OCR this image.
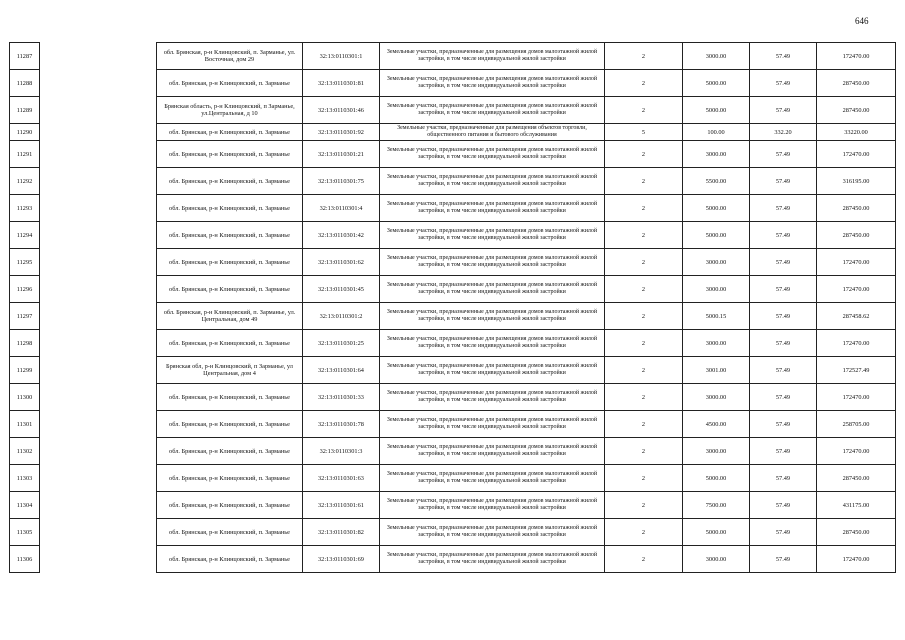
646
11287		обл. Брянская, р-н Клинцовский, п. Зарманье, ул. Восточная, дом 29	32:13:0110301:1	Земельные участки, предназначенные для размещения домов малоэтажной жилой застройки, в том числе индивидуальной жилой застройки	2	3000.00	57.49	172470.00
11288		обл. Брянская, р-н Клинцовский, п. Зарманье	32:13:0110301:81	Земельные участки, предназначенные для размещения домов малоэтажной жилой застройки, в том числе индивидуальной жилой застройки	2	5000.00	57.49	287450.00
11289		Брянская область, р-н Клинцовский, п Зарманье, ул.Центральная, д 10	32:13:0110301:46	Земельные участки, предназначенные для размещения домов малоэтажной жилой застройки, в том числе индивидуальной жилой застройки	2	5000.00	57.49	287450.00
11290		обл. Брянская, р-н Клинцовский, п. Зарманье	32:13:0110301:92	Земельные участки, предназначенные для размещения объектов торговли, общественного питания и бытового обслуживания	5	100.00	332.20	33220.00
11291		обл. Брянская, р-н Клинцовский, п. Зарманье	32:13:0110301:21	Земельные участки, предназначенные для размещения домов малоэтажной жилой застройки, в том числе индивидуальной жилой застройки	2	3000.00	57.49	172470.00
11292		обл. Брянская, р-н Клинцовский, п. Зарманье	32:13:0110301:75	Земельные участки, предназначенные для размещения домов малоэтажной жилой застройки, в том числе индивидуальной жилой застройки	2	5500.00	57.49	316195.00
11293		обл. Брянская, р-н Клинцовский, п. Зарманье	32:13:0110301:4	Земельные участки, предназначенные для размещения домов малоэтажной жилой застройки, в том числе индивидуальной жилой застройки	2	5000.00	57.49	287450.00
11294		обл. Брянская, р-н Клинцовский, п. Зарманье	32:13:0110301:42	Земельные участки, предназначенные для размещения домов малоэтажной жилой застройки, в том числе индивидуальной жилой застройки	2	5000.00	57.49	287450.00
11295		обл. Брянская, р-н Клинцовский, п. Зарманье	32:13:0110301:62	Земельные участки, предназначенные для размещения домов малоэтажной жилой застройки, в том числе индивидуальной жилой застройки	2	3000.00	57.49	172470.00
11296		обл. Брянская, р-н Клинцовский, п. Зарманье	32:13:0110301:45	Земельные участки, предназначенные для размещения домов малоэтажной жилой застройки, в том числе индивидуальной жилой застройки	2	3000.00	57.49	172470.00
11297		обл. Брянская, р-н Клинцовский, п. Зарманье, ул. Центральная, дом 49	32:13:0110301:2	Земельные участки, предназначенные для размещения домов малоэтажной жилой застройки, в том числе индивидуальной жилой застройки	2	5000.15	57.49	287458.62
11298		обл. Брянская, р-н Клинцовский, п. Зарманье	32:13:0110301:25	Земельные участки, предназначенные для размещения домов малоэтажной жилой застройки, в том числе индивидуальной жилой застройки	2	3000.00	57.49	172470.00
11299		Брянская обл, р-н Клинцовский, п Зарманье, ул Центральная, дом 4	32:13:0110301:64	Земельные участки, предназначенные для размещения домов малоэтажной жилой застройки, в том числе индивидуальной жилой застройки	2	3001.00	57.49	172527.49
11300		обл. Брянская, р-н Клинцовский, п. Зарманье	32:13:0110301:33	Земельные участки, предназначенные для размещения домов малоэтажной жилой застройки, в том числе индивидуальной жилой застройки	2	3000.00	57.49	172470.00
11301		обл. Брянская, р-н Клинцовский, п. Зарманье	32:13:0110301:78	Земельные участки, предназначенные для размещения домов малоэтажной жилой застройки, в том числе индивидуальной жилой застройки	2	4500.00	57.49	258705.00
11302		обл. Брянская, р-н Клинцовский, п. Зарманье	32:13:0110301:3	Земельные участки, предназначенные для размещения домов малоэтажной жилой застройки, в том числе индивидуальной жилой застройки	2	3000.00	57.49	172470.00
11303		обл. Брянская, р-н Клинцовский, п. Зарманье	32:13:0110301:63	Земельные участки, предназначенные для размещения домов малоэтажной жилой застройки, в том числе индивидуальной жилой застройки	2	5000.00	57.49	287450.00
11304		обл. Брянская, р-н Клинцовский, п. Зарманье	32:13:0110301:61	Земельные участки, предназначенные для размещения домов малоэтажной жилой застройки, в том числе индивидуальной жилой застройки	2	7500.00	57.49	431175.00
11305		обл. Брянская, р-н Клинцовский, п. Зарманье	32:13:0110301:82	Земельные участки, предназначенные для размещения домов малоэтажной жилой застройки, в том числе индивидуальной жилой застройки	2	5000.00	57.49	287450.00
11306		обл. Брянская, р-н Клинцовский, п. Зарманье	32:13:0110301:69	Земельные участки, предназначенные для размещения домов малоэтажной жилой застройки, в том числе индивидуальной жилой застройки	2	3000.00	57.49	172470.00
